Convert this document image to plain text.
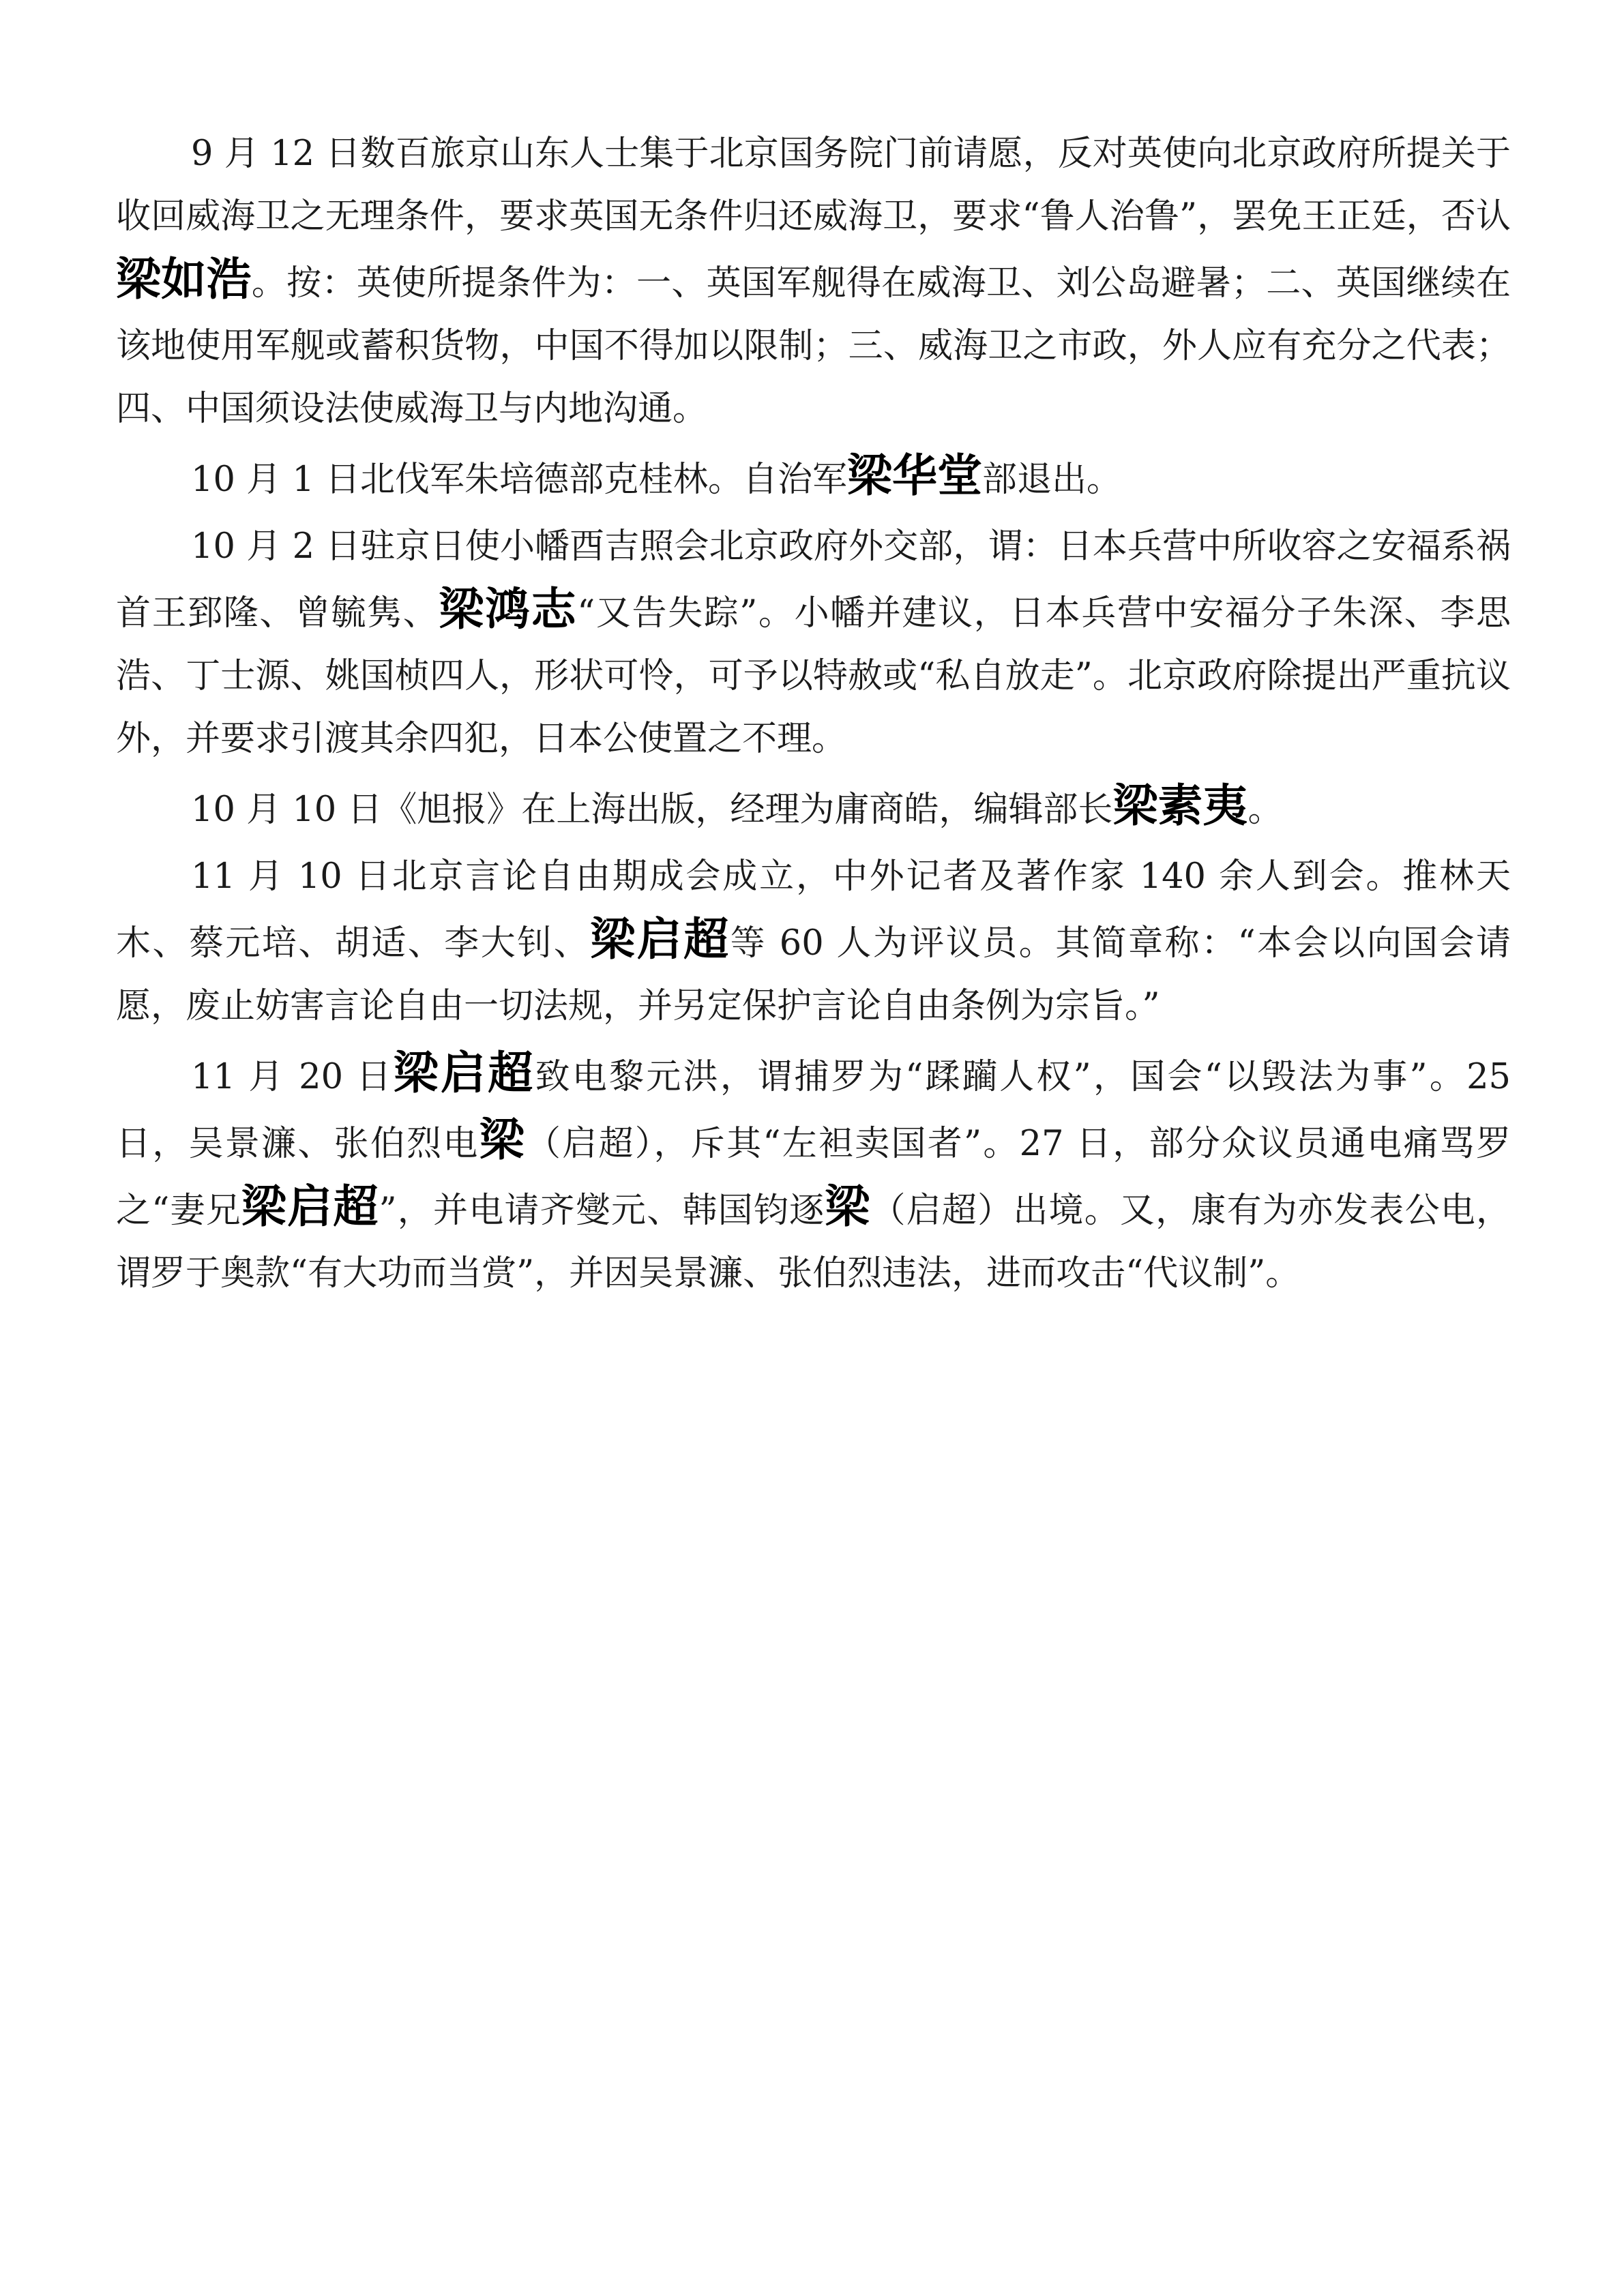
9 月 12 日数百旅京山东人士集于北京国务院门前请愿，反对英使向北京政府所提关于收回威海卫之无理条件，要求英国无条件归还威海卫，要求“鲁人治鲁”，罢免王正廷，否认梁如浩。按：英使所提条件为：一、英国军舰得在威海卫、刘公岛避暑；二、英国继续在该地使用军舰或蓄积货物，中国不得加以限制；三、威海卫之市政，外人应有充分之代表；四、中国须设法使威海卫与内地沟通。

10 月 1 日北伐军朱培德部克桂林。自治军梁华堂部退出。

10 月 2 日驻京日使小幡酉吉照会北京政府外交部，谓：日本兵营中所收容之安福系祸首王郅隆、曾毓隽、梁鸿志“又告失踪”。小幡并建议，日本兵营中安福分子朱深、李思浩、丁士源、姚国桢四人，形状可怜，可予以特赦或“私自放走”。北京政府除提出严重抗议外，并要求引渡其余四犯，日本公使置之不理。

10 月 10 日《旭报》在上海出版，经理为庸商皓，编辑部长梁素夷。

11 月 10 日北京言论自由期成会成立，中外记者及著作家 140 余人到会。推林天木、蔡元培、胡适、李大钊、梁启超等 60 人为评议员。其简章称：“本会以向国会请愿，废止妨害言论自由一切法规，并另定保护言论自由条例为宗旨。”

11 月 20 日梁启超致电黎元洪，谓捕罗为“蹂躏人权”，国会“以毁法为事”。25 日，吴景濂、张伯烈电梁（启超），斥其“左袒卖国者”。27 日，部分众议员通电痛骂罗之“妻兄梁启超”，并电请齐燮元、韩国钧逐梁（启超）出境。又，康有为亦发表公电，谓罗于奥款“有大功而当赏”，并因吴景濂、张伯烈违法，进而攻击“代议制”。
